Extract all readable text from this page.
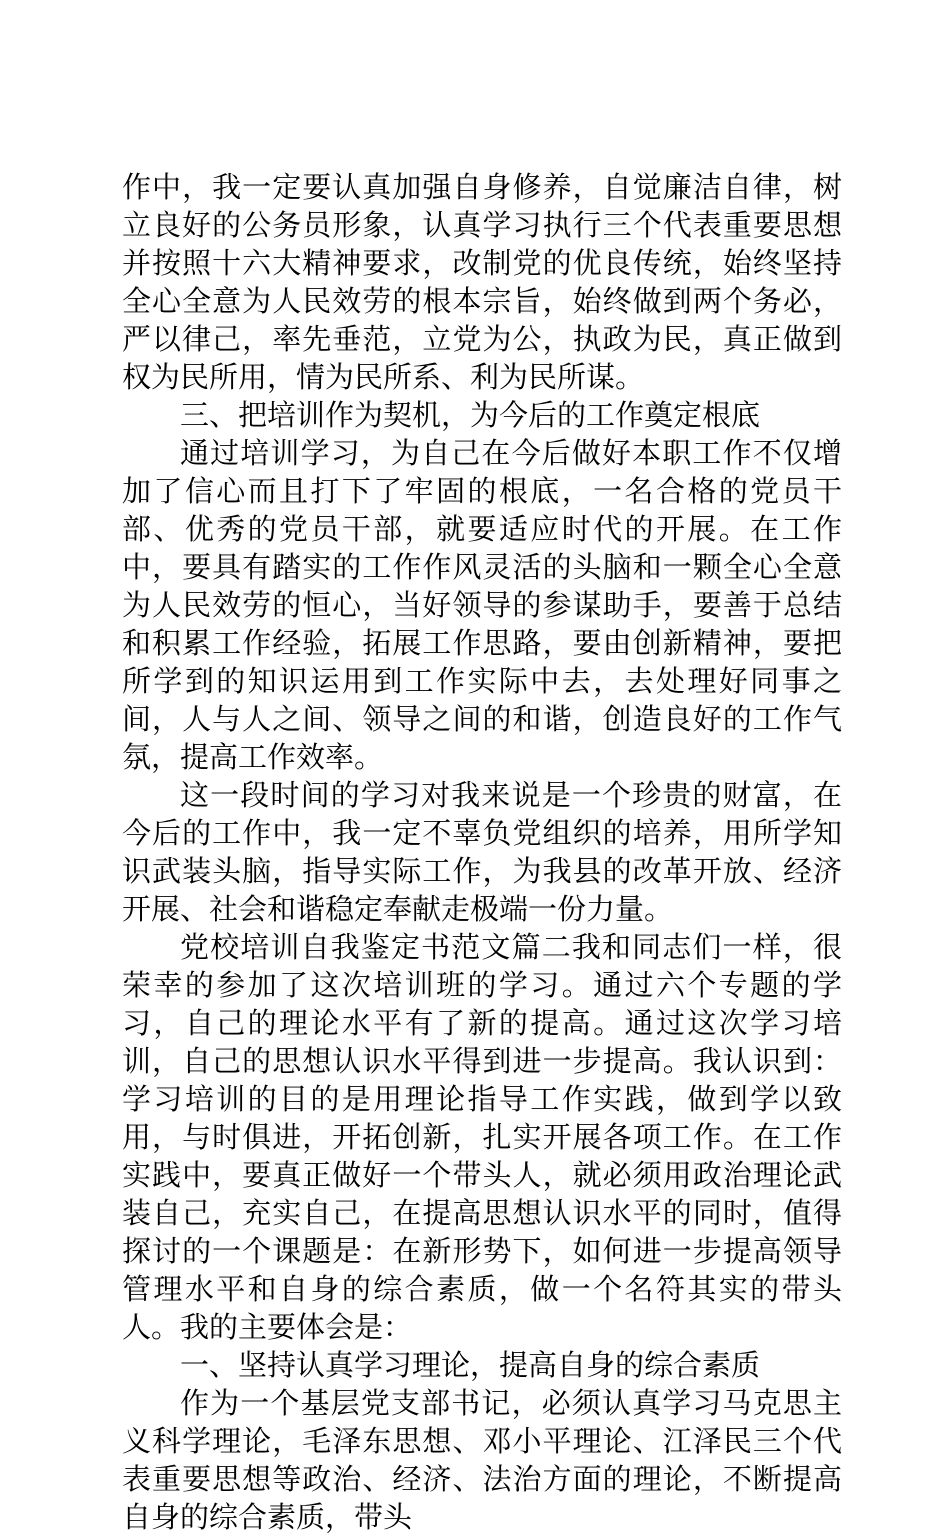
作中，我一定要认真加强自身修养，自觉廉洁自律，树立良好的公务员形象，认真学习执行三个代表重要思想并按照十六大精神要求，改制党的优良传统，始终坚持全心全意为人民效劳的根本宗旨，始终做到两个务必，严以律己，率先垂范，立党为公，执政为民，真正做到权为民所用，情为民所系、利为民所谋。

三、把培训作为契机，为今后的工作奠定根底

通过培训学习，为自己在今后做好本职工作不仅增加了信心而且打下了牢固的根底，一名合格的党员干部、优秀的党员干部，就要适应时代的开展。在工作中，要具有踏实的工作作风灵活的头脑和一颗全心全意为人民效劳的恒心，当好领导的参谋助手，要善于总结和积累工作经验，拓展工作思路，要由创新精神，要把所学到的知识运用到工作实际中去，去处理好同事之间，人与人之间、领导之间的和谐，创造良好的工作气氛，提高工作效率。

这一段时间的学习对我来说是一个珍贵的财富，在今后的工作中，我一定不辜负党组织的培养，用所学知识武装头脑，指导实际工作，为我县的改革开放、经济开展、社会和谐稳定奉献走极端一份力量。

党校培训自我鉴定书范文篇二我和同志们一样，很荣幸的参加了这次培训班的学习。通过六个专题的学习，自己的理论水平有了新的提高。通过这次学习培训，自己的思想认识水平得到进一步提高。我认识到：学习培训的目的是用理论指导工作实践，做到学以致用，与时俱进，开拓创新，扎实开展各项工作。在工作实践中，要真正做好一个带头人，就必须用政治理论武装自己，充实自己，在提高思想认识水平的同时，值得探讨的一个课题是：在新形势下，如何进一步提高领导管理水平和自身的综合素质，做一个名符其实的带头人。我的主要体会是：

一、坚持认真学习理论，提高自身的综合素质

作为一个基层党支部书记，必须认真学习马克思主义科学理论，毛泽东思想、邓小平理论、江泽民三个代表重要思想等政治、经济、法治方面的理论，不断提高自身的综合素质，带头
